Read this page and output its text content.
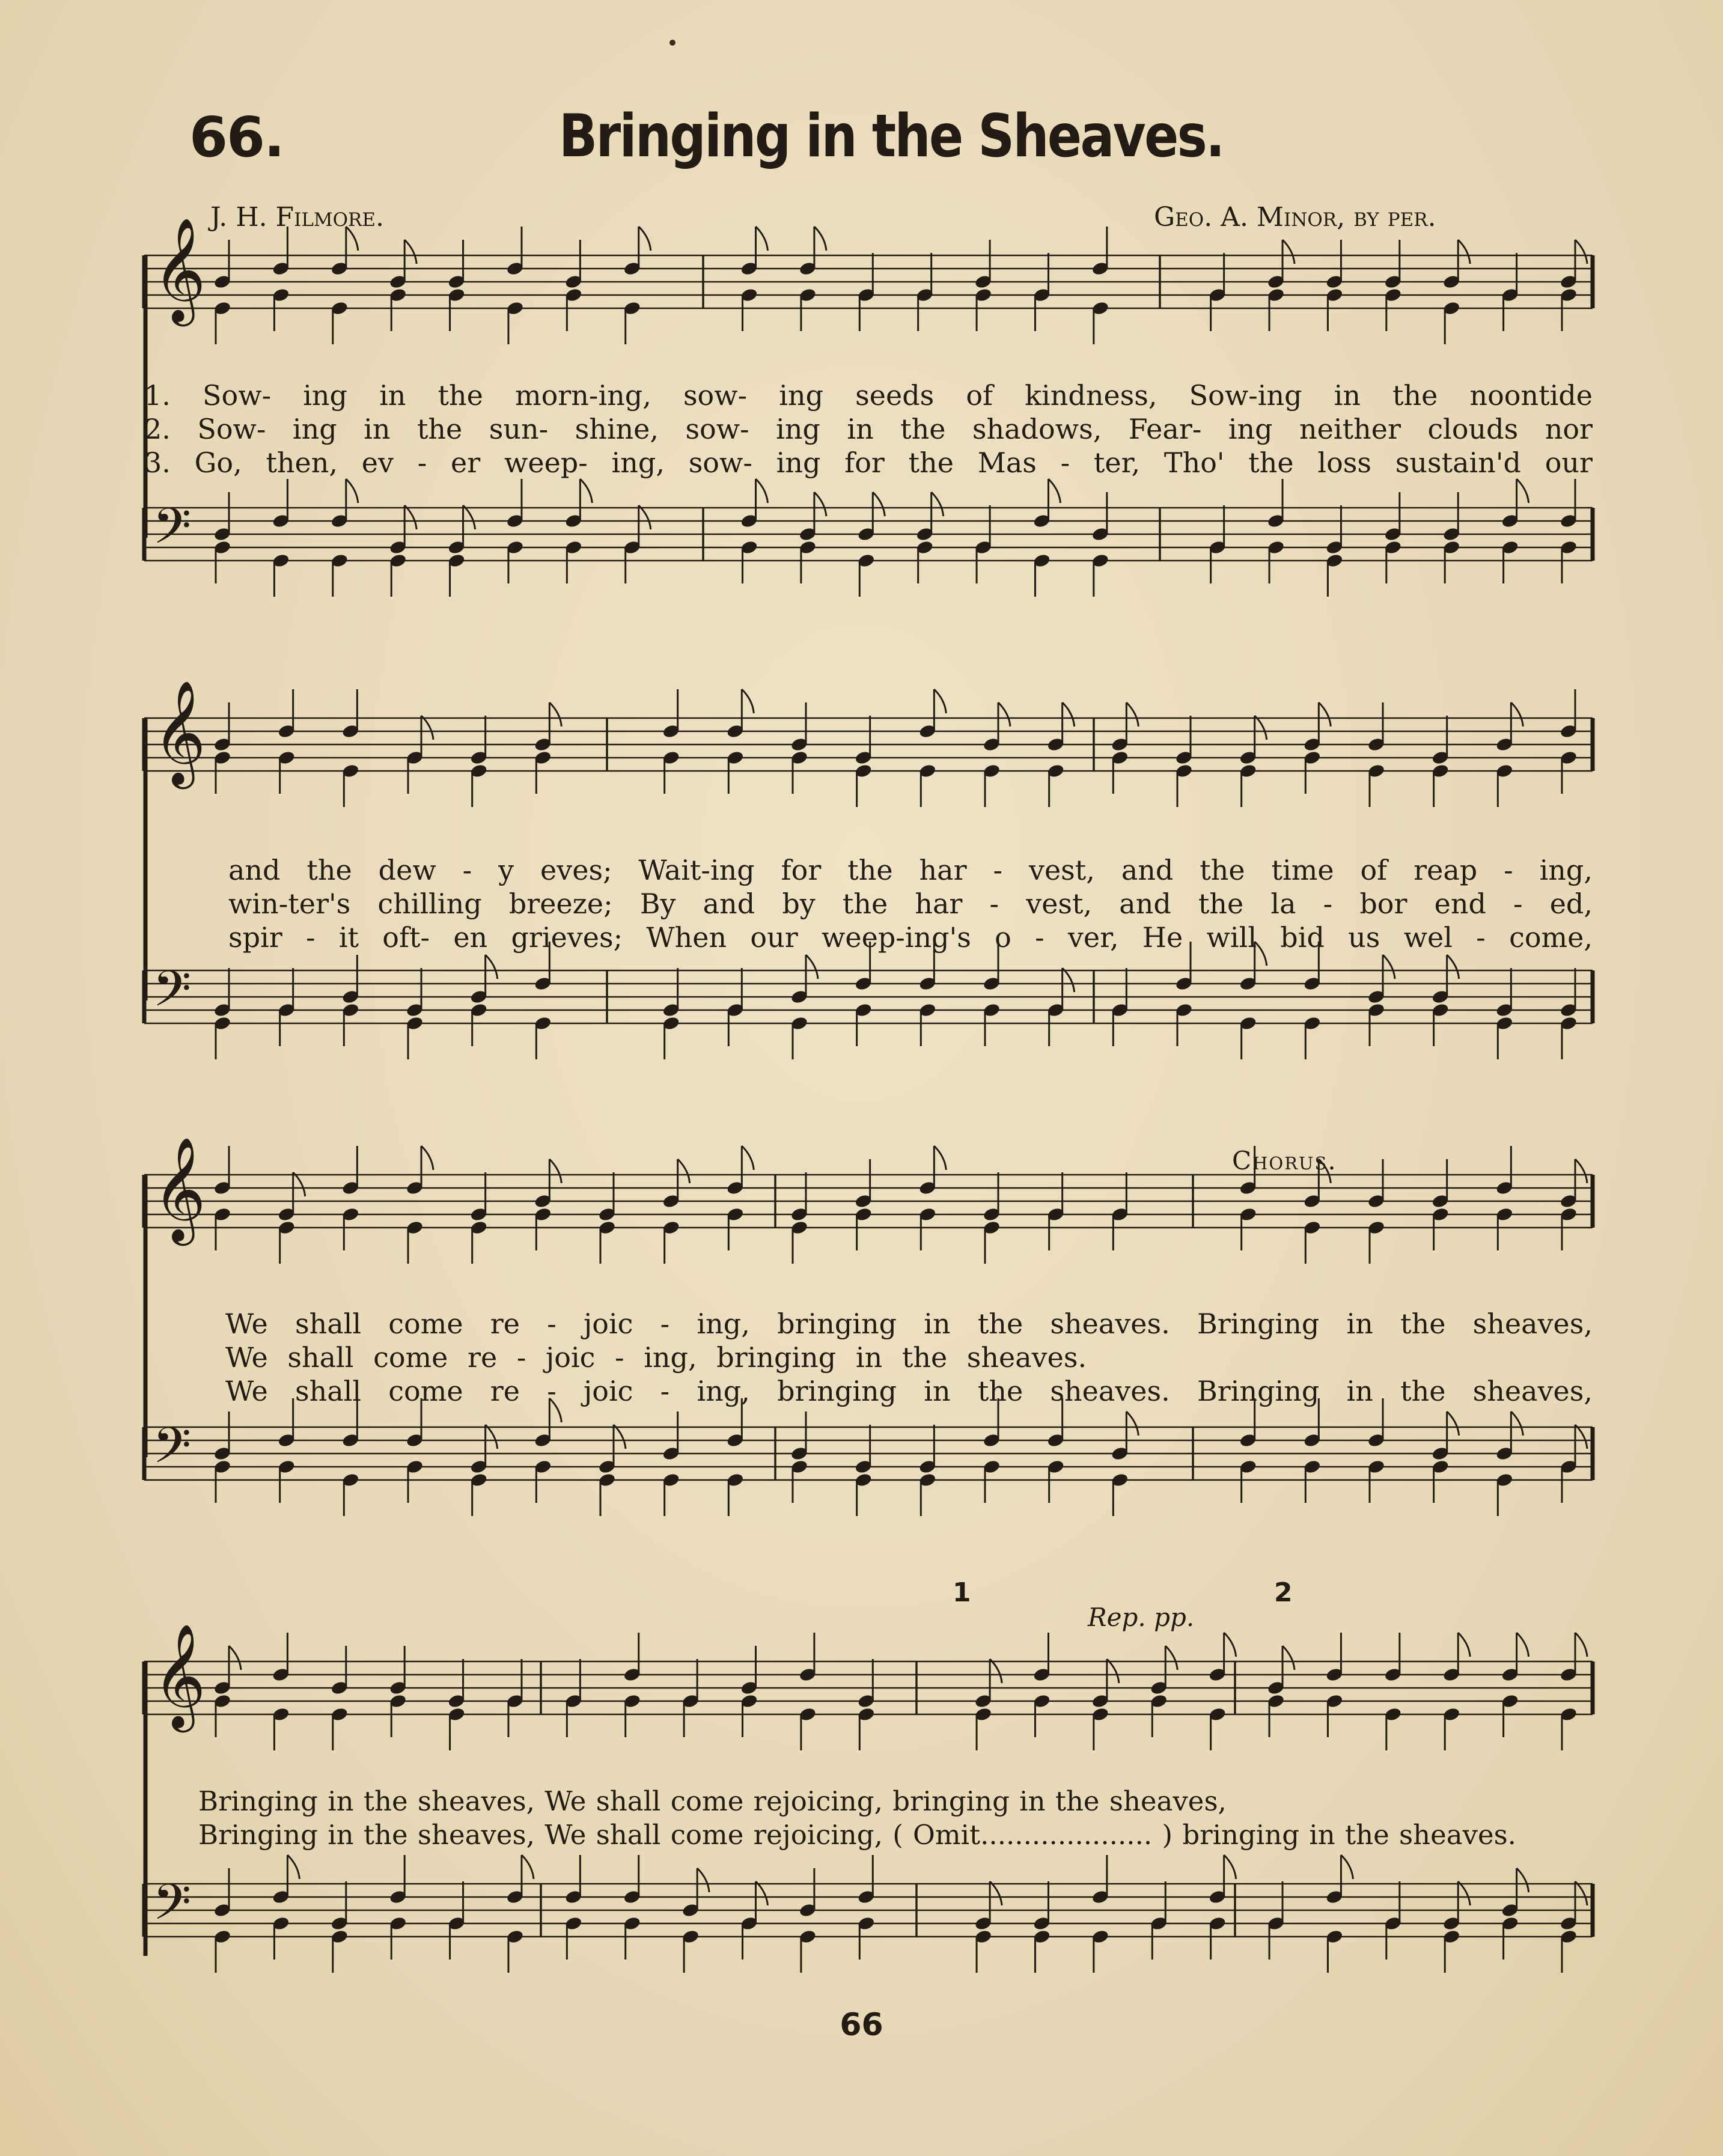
66.	Bringing in the Sheaves.
J. H. Filmore.	Geo. A. Minor, by per.
𝄞
1. Sow- ing in the morn-ing, sow- ing seeds of kindness, Sow-ing in the noontide
2. Sow- ing in the sun- shine, sow- ing in the shadows, Fear- ing neither clouds nor
3. Go, then, ev - er weep- ing, sow- ing for the Mas - ter, Tho' the loss sustain'd our
𝄢
𝄞
and the dew - y eves; Wait-ing for the har - vest, and the time of reap - ing,
win-ter's chilling breeze; By and by the har - vest, and the la - bor end - ed,
spir - it oft- en grieves; When our weep-ing's o - ver, He will bid us wel - come,
𝄢
𝄞	Chorus.
We shall come re - joic - ing, bringing in the sheaves. Bringing in the sheaves,
We shall come re - joic - ing, bringing in the sheaves.
We shall come re - joic - ing, bringing in the sheaves. Bringing in the sheaves,
𝄢
1	2
Rep. pp.
𝄞
Bringing in the sheaves, We shall come rejoicing, bringing in the sheaves,
Bringing in the sheaves, We shall come rejoicing, ( Omit.................... ) bringing in the sheaves.
𝄢
66
